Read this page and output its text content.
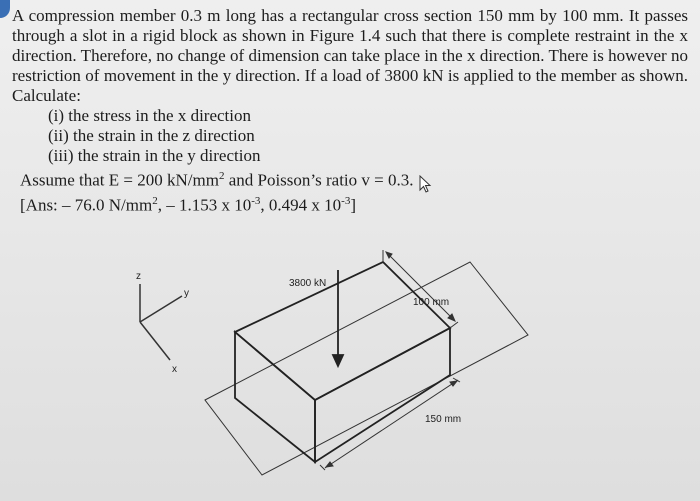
A compression member 0.3 m long has a rectangular cross section 150 mm by 100 mm. It passes through a slot in a rigid block as shown in Figure 1.4 such that there is complete restraint in the x direction. Therefore, no change of dimension can take place in the x direction. There is however no restriction of movement in the y direction. If a load of 3800 kN is applied to the member as shown. Calculate:

(i) the stress in the x direction
(ii) the strain in the z direction
(iii) the strain in the y direction

Assume that E = 200 $kN/mm^2$ and Poisson’s ratio v = 0.3.

[Ans: – 76.0 $N/mm^2$, – 1.153 x $10^{-3}$, 0.494 x $10^{-3}$]

z
y
x
3800 kN
100 mm
150 mm
